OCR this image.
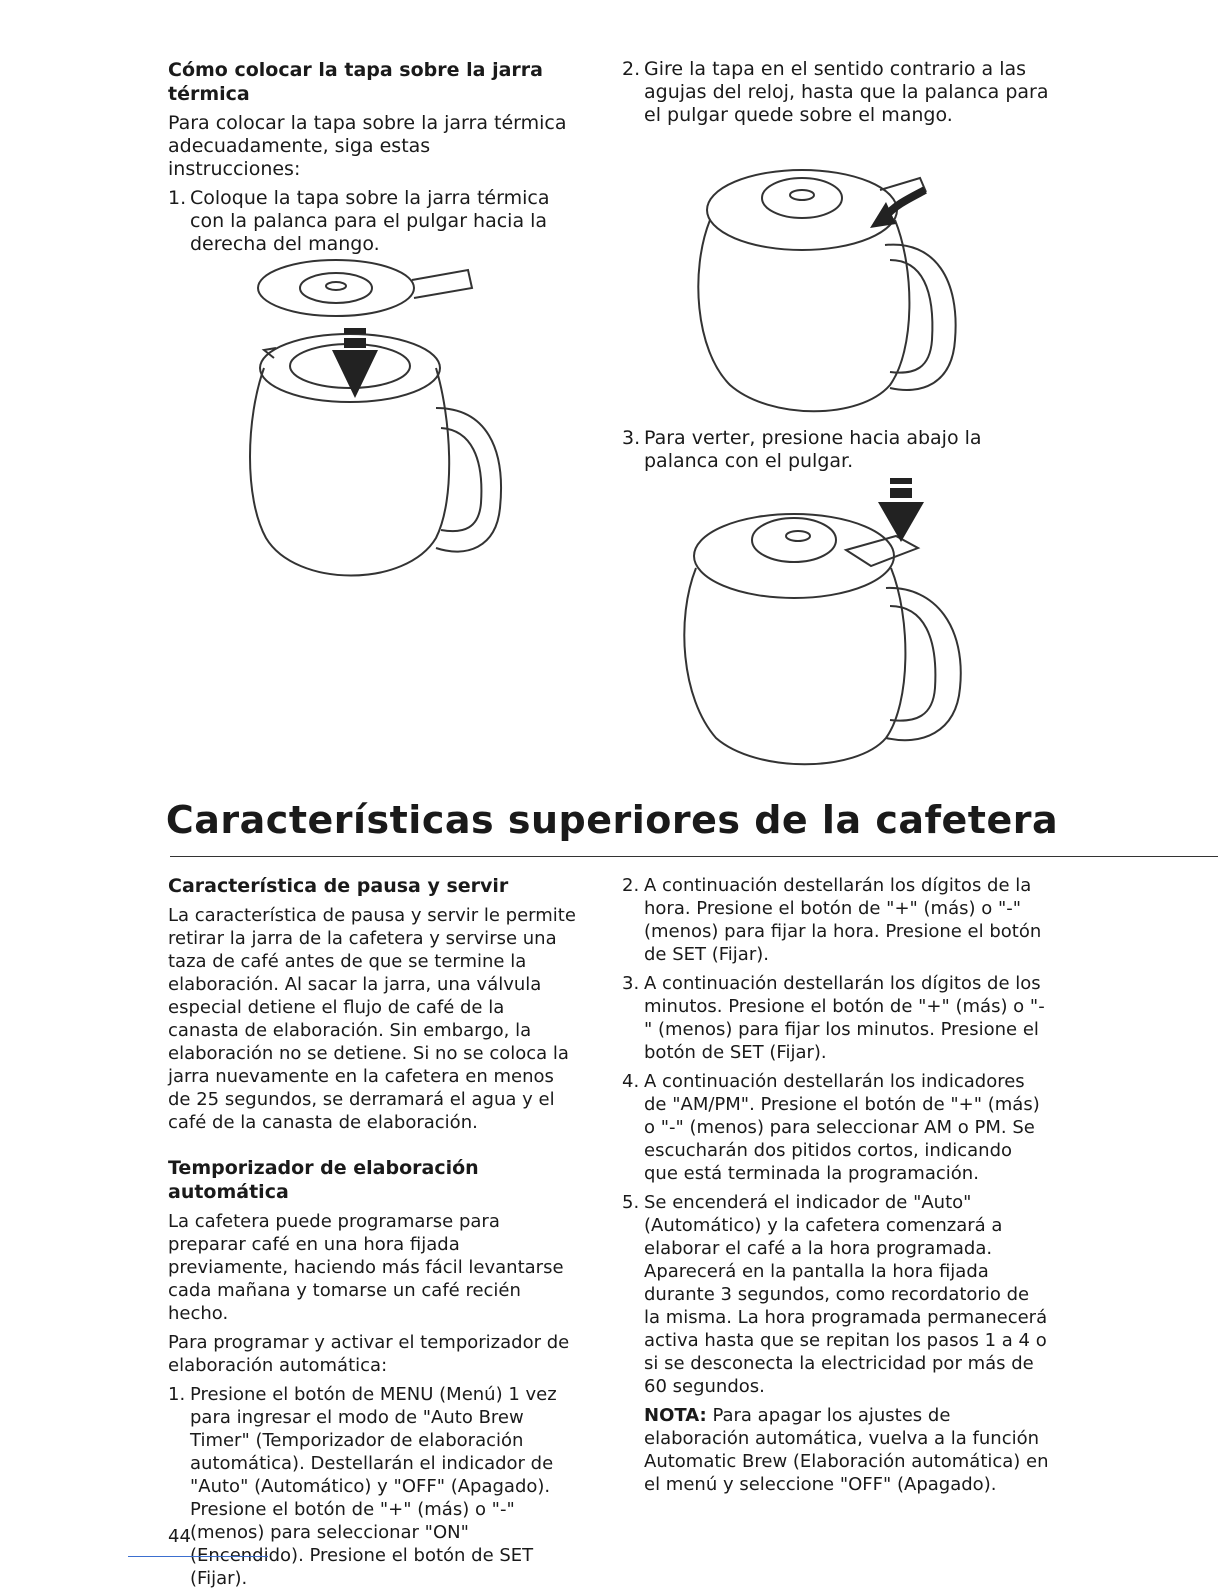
Cómo colocar la tapa sobre la jarra térmica
Para colocar la tapa sobre la jarra térmica adecuadamente, siga estas instrucciones:
1. Coloque la tapa sobre la jarra térmica con la palanca para el pulgar hacia la derecha del mango.
2. Gire la tapa en el sentido contrario a las agujas del reloj, hasta que la palanca para el pulgar quede sobre el mango.
3. Para verter, presione hacia abajo la palanca con el pulgar.
Características superiores de la cafetera
Característica de pausa y servir
La característica de pausa y servir le permite retirar la jarra de la cafetera y servirse una taza de café antes de que se termine la elaboración. Al sacar la jarra, una válvula especial detiene el flujo de café de la canasta de elaboración. Sin embargo, la elaboración no se detiene. Si no se coloca la jarra nuevamente en la cafetera en menos de 25 segundos, se derramará el agua y el café de la canasta de elaboración.
Temporizador de elaboración automática
La cafetera puede programarse para preparar café en una hora fijada previamente, haciendo más fácil levantarse cada mañana y tomarse un café recién hecho.
Para programar y activar el temporizador de elaboración automática:
1. Presione el botón de MENU (Menú) 1 vez para ingresar el modo de "Auto Brew Timer" (Temporizador de elaboración automática). Destellarán el indicador de "Auto" (Automático) y "OFF" (Apagado). Presione el botón de "+" (más) o "-" (menos) para seleccionar "ON" (Encendido). Presione el botón de SET (Fijar).
2. A continuación destellarán los dígitos de la hora. Presione el botón de "+" (más) o "-" (menos) para fijar la hora. Presione el botón de SET (Fijar).
3. A continuación destellarán los dígitos de los minutos. Presione el botón de "+" (más) o "-" (menos) para fijar los minutos. Presione el botón de SET (Fijar).
4. A continuación destellarán los indicadores de "AM/PM". Presione el botón de "+" (más) o "-" (menos) para seleccionar AM o PM. Se escucharán dos pitidos cortos, indicando que está terminada la programación.
5. Se encenderá el indicador de "Auto" (Automático) y la cafetera comenzará a elaborar el café a la hora programada. Aparecerá en la pantalla la hora fijada durante 3 segundos, como recordatorio de la misma. La hora programada permanecerá activa hasta que se repitan los pasos 1 a 4 o si se desconecta la electricidad por más de 60 segundos.
NOTA: Para apagar los ajustes de elaboración automática, vuelva a la función Automatic Brew (Elaboración automática) en el menú y seleccione "OFF" (Apagado).
44
